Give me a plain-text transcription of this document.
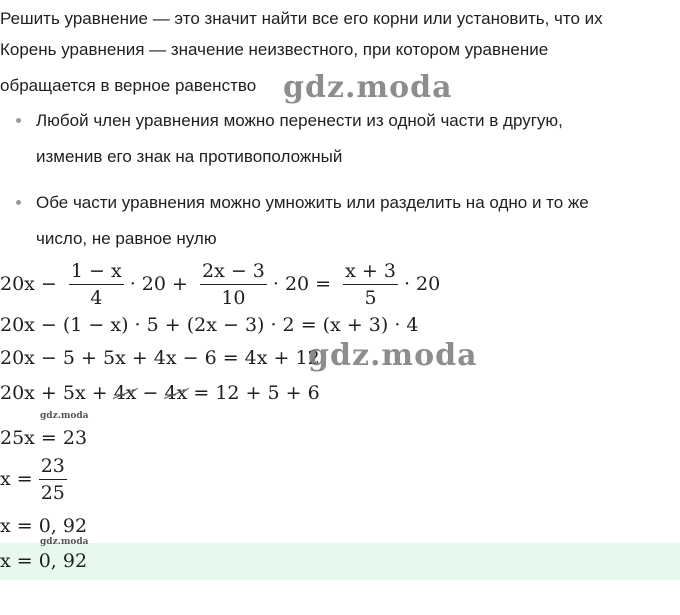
Решить уравнение — это значит найти все его корни или установить, что их
Корень уравнения — значение неизвестного, при котором уравнение
обращается в верное равенство
Любой член уравнения можно перенести из одной части в другую,
изменив его знак на противоположный
Обе части уравнения можно умножить или разделить на одно и то же
число, не равное нулю
$20x - \frac{1 - x}{4} \cdot 20 + \frac{2x - 3}{10} \cdot 20 = \frac{x + 3}{5} \cdot 20$
20x − (1 − x) · 5 + (2x − 3) · 2 = (x + 3) · 4
20x − 5 + 5x + 4x − 6 = 4x + 12
20x + 5x + 4x − 4x = 12 + 5 + 6
25x = 23
$x = \frac{23}{25}$
x = 0, 92
x = 0, 92
gdz.moda
gdz.moda
gdz.moda
gdz.moda
